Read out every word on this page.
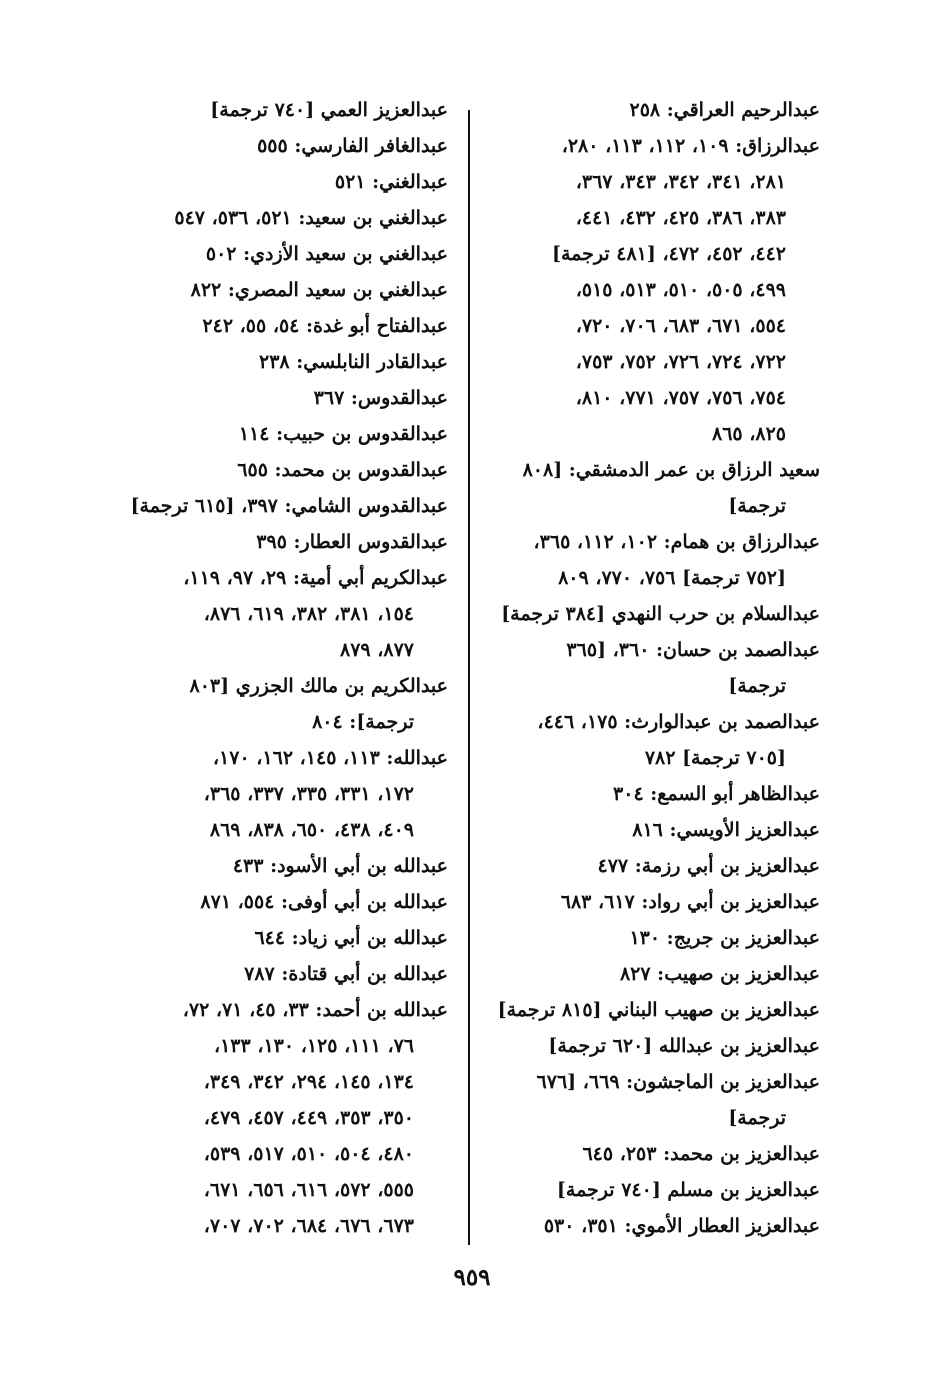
عبدالرحيم العراقي: ٢٥٨
عبدالرزاق: ١٠٩، ١١٢، ١١٣، ٢٨٠،
٢٨١، ٣٤١، ٣٤٢، ٣٤٣، ٣٦٧،
٣٨٣، ٣٨٦، ٤٢٥، ٤٣٢، ٤٤١،
٤٤٢، ٤٥٢، ٤٧٢، [٤٨١ ترجمة]
٤٩٩، ٥٠٥، ٥١٠، ٥١٣، ٥١٥،
٥٥٤، ٦٧١، ٦٨٣، ٧٠٦، ٧٢٠،
٧٢٢، ٧٢٤، ٧٢٦، ٧٥٢، ٧٥٣،
٧٥٤، ٧٥٦، ٧٥٧، ٧٧١، ٨١٠،
٨٢٥، ٨٦٥
سعيد الرزاق بن عمر الدمشقي: [٨٠٨
ترجمة]
عبدالرزاق بن همام: ١٠٢، ١١٢، ٣٦٥،
[٧٥٢ ترجمة] ٧٥٦، ٧٧٠، ٨٠٩
عبدالسلام بن حرب النهدي [٣٨٤ ترجمة]
عبدالصمد بن حسان: ٣٦٠، [٣٦٥
ترجمة]
عبدالصمد بن عبدالوارث: ١٧٥، ٤٤٦،
[٧٠٥ ترجمة] ٧٨٢
عبدالظاهر أبو السمع: ٣٠٤
عبدالعزيز الأويسي: ٨١٦
عبدالعزيز بن أبي رزمة: ٤٧٧
عبدالعزيز بن أبي رواد: ٦١٧، ٦٨٣
عبدالعزيز بن جريج: ١٣٠
عبدالعزيز بن صهيب: ٨٢٧
عبدالعزيز بن صهيب البناني [٨١٥ ترجمة]
عبدالعزيز بن عبدالله [٦٢٠ ترجمة]
عبدالعزيز بن الماجشون: ٦٦٩، [٦٧٦
ترجمة]
عبدالعزيز بن محمد: ٢٥٣، ٦٤٥
عبدالعزيز بن مسلم [٧٤٠ ترجمة]
عبدالعزيز العطار الأموي: ٣٥١، ٥٣٠
عبدالعزيز العمي [٧٤٠ ترجمة]
عبدالغافر الفارسي: ٥٥٥
عبدالغني: ٥٢١
عبدالغني بن سعيد: ٥٢١، ٥٣٦، ٥٤٧
عبدالغني بن سعيد الأزدي: ٥٠٢
عبدالغني بن سعيد المصري: ٨٢٢
عبدالفتاح أبو غدة: ٥٤، ٥٥، ٢٤٢
عبدالقادر النابلسي: ٢٣٨
عبدالقدوس: ٣٦٧
عبدالقدوس بن حبيب: ١١٤
عبدالقدوس بن محمد: ٦٥٥
عبدالقدوس الشامي: ٣٩٧، [٦١٥ ترجمة]
عبدالقدوس العطار: ٣٩٥
عبدالكريم أبي أمية: ٢٩، ٩٧، ١١٩،
١٥٤، ٣٨١، ٣٨٢، ٦١٩، ٨٧٦،
٨٧٧، ٨٧٩
عبدالكريم بن مالك الجزري [٨٠٣
ترجمة]: ٨٠٤
عبدالله: ١١٣، ١٤٥، ١٦٢، ١٧٠،
١٧٢، ٣٣١، ٣٣٥، ٣٣٧، ٣٦٥،
٤٠٩، ٤٣٨، ٦٥٠، ٨٣٨، ٨٦٩
عبدالله بن أبي الأسود: ٤٣٣
عبدالله بن أبي أوفى: ٥٥٤، ٨٧١
عبدالله بن أبي زياد: ٦٤٤
عبدالله بن أبي قتادة: ٧٨٧
عبدالله بن أحمد: ٣٣، ٤٥، ٧١، ٧٢،
٧٦، ١١١، ١٢٥، ١٣٠، ١٣٣،
١٣٤، ١٤٥، ٢٩٤، ٣٤٢، ٣٤٩،
٣٥٠، ٣٥٣، ٤٤٩، ٤٥٧، ٤٧٩،
٤٨٠، ٥٠٤، ٥١٠، ٥١٧، ٥٣٩،
٥٥٥، ٥٧٢، ٦١٦، ٦٥٦، ٦٧١،
٦٧٣، ٦٧٦، ٦٨٤، ٧٠٢، ٧٠٧،
٩٥٩
